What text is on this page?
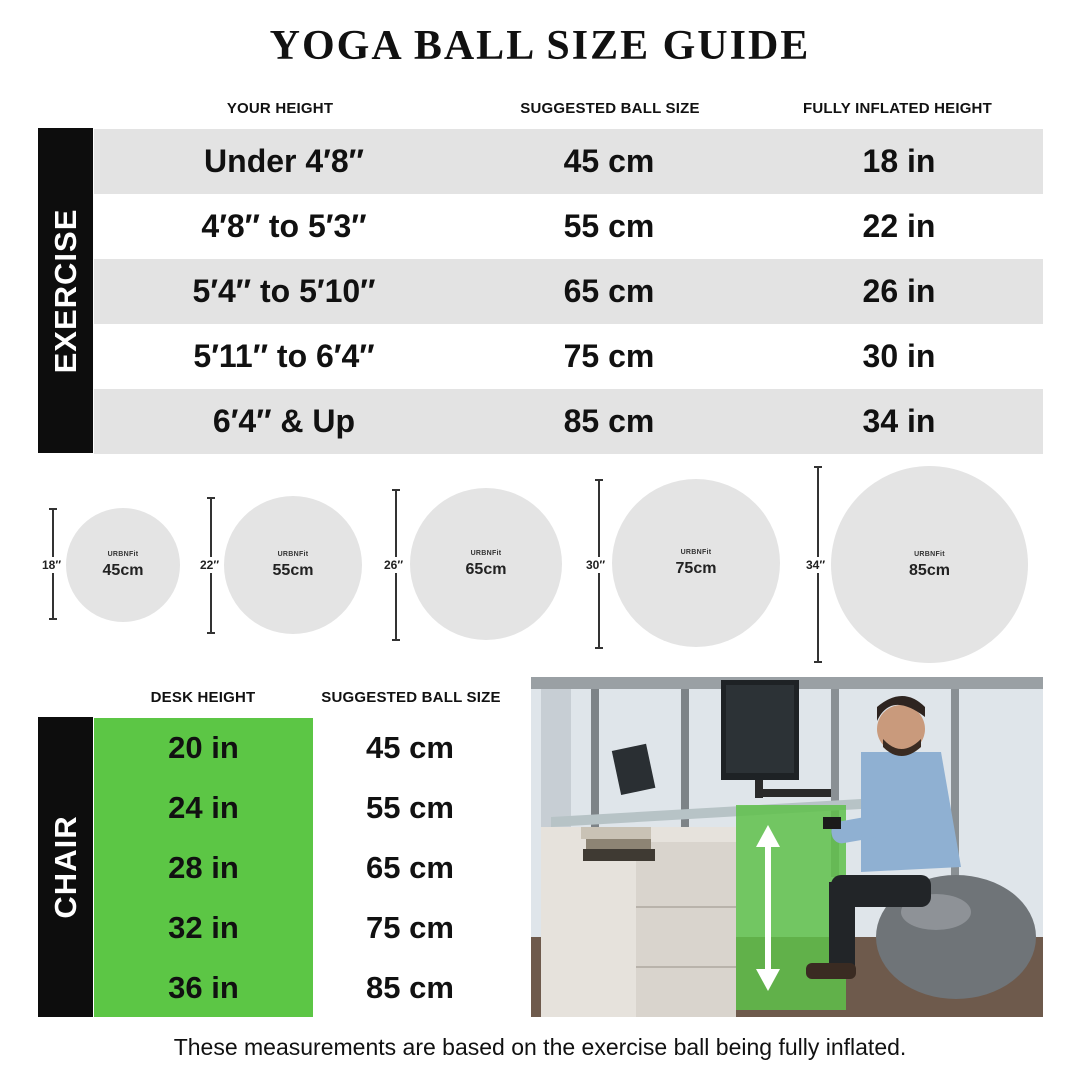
YOGA BALL SIZE GUIDE
YOUR HEIGHT	SUGGESTED BALL SIZE	FULLY INFLATED HEIGHT
EXERCISE
Under 4′8″	45 cm	18 in
4′8″ to 5′3″	55 cm	22 in
5′4″ to 5′10″	65 cm	26 in
5′11″ to 6′4″	75 cm	30 in
6′4″ & Up	85 cm	34 in
18″
URBNFit
45cm	22″
URBNFit
55cm	26″
URBNFit
65cm	30″
URBNFit
75cm	34″
URBNFit
85cm
DESK HEIGHT	SUGGESTED BALL SIZE
CHAIR
20 in	45 cm
24 in	55 cm
28 in	65 cm
32 in	75 cm
36 in	85 cm
These measurements are based on the exercise ball being fully inflated.
